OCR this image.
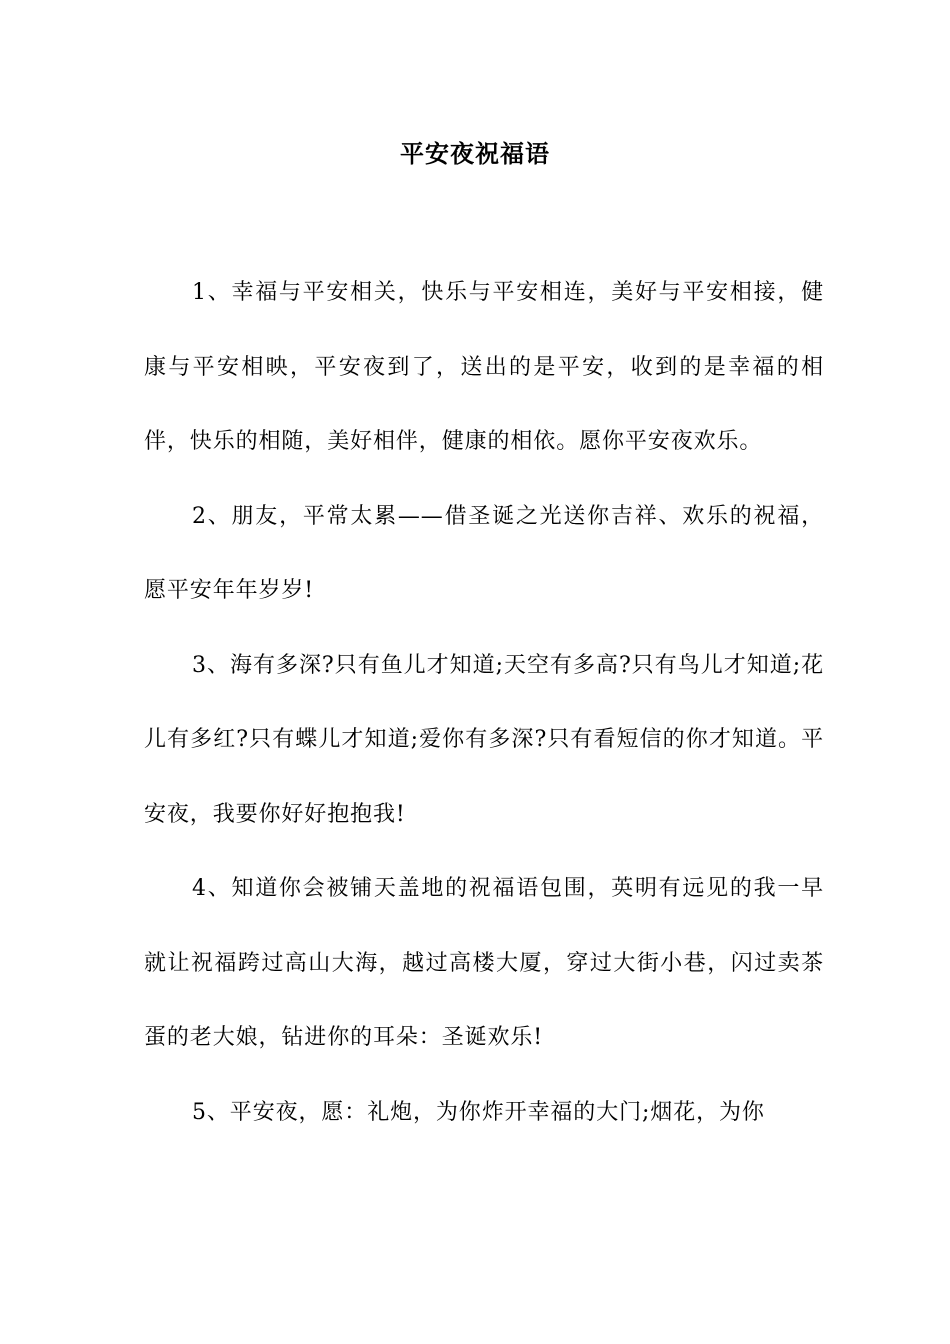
平安夜祝福语

1、幸福与平安相关，快乐与平安相连，美好与平安相接，健康与平安相映，平安夜到了，送出的是平安，收到的是幸福的相伴，快乐的相随，美好相伴，健康的相依。愿你平安夜欢乐。

2、朋友，平常太累——借圣诞之光送你吉祥、欢乐的祝福，愿平安年年岁岁!

3、海有多深?只有鱼儿才知道;天空有多高?只有鸟儿才知道;花儿有多红?只有蝶儿才知道;爱你有多深?只有看短信的你才知道。平安夜，我要你好好抱抱我!

4、知道你会被铺天盖地的祝福语包围，英明有远见的我一早就让祝福跨过高山大海，越过高楼大厦，穿过大街小巷，闪过卖茶蛋的老大娘，钻进你的耳朵：圣诞欢乐!

5、平安夜，愿：礼炮，为你炸开幸福的大门;烟花，为你
